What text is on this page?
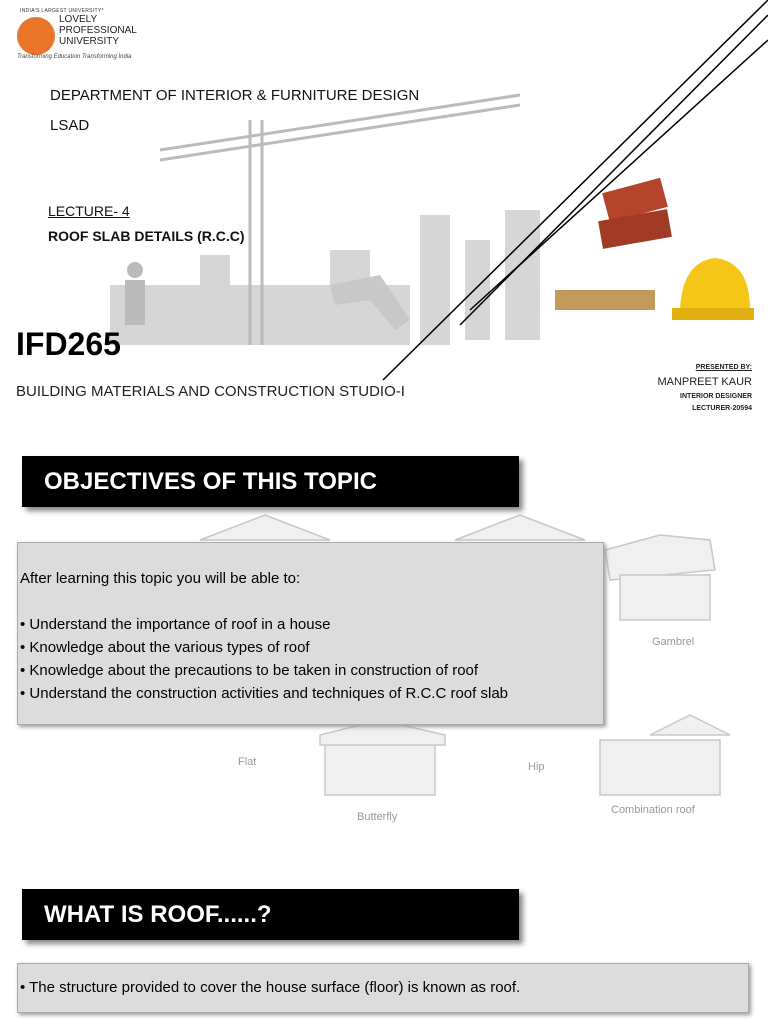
INDIA'S LARGEST UNIVERSITY*
LOVELY
PROFESSIONAL
UNIVERSITY
Transforming Education Transforming India
DEPARTMENT OF INTERIOR & FURNITURE DESIGN
LSAD
LECTURE- 4
ROOF SLAB DETAILS (R.C.C)
IFD265
BUILDING MATERIALS AND CONSTRUCTION STUDIO-I
PRESENTED BY:
MANPREET KAUR
INTERIOR DESIGNER
LECTURER-20594
Gambrel
Flat	Hip
Butterfly
Combination roof
OBJECTIVES OF THIS TOPIC
After learning this topic you will be able to:
• Understand the importance of roof in a house
• Knowledge about the various types of roof
• Knowledge about the precautions to be taken in construction of roof
• Understand the construction activities and techniques of R.C.C roof slab
WHAT IS ROOF......?
• The structure provided to cover the house surface (floor) is known as roof.
